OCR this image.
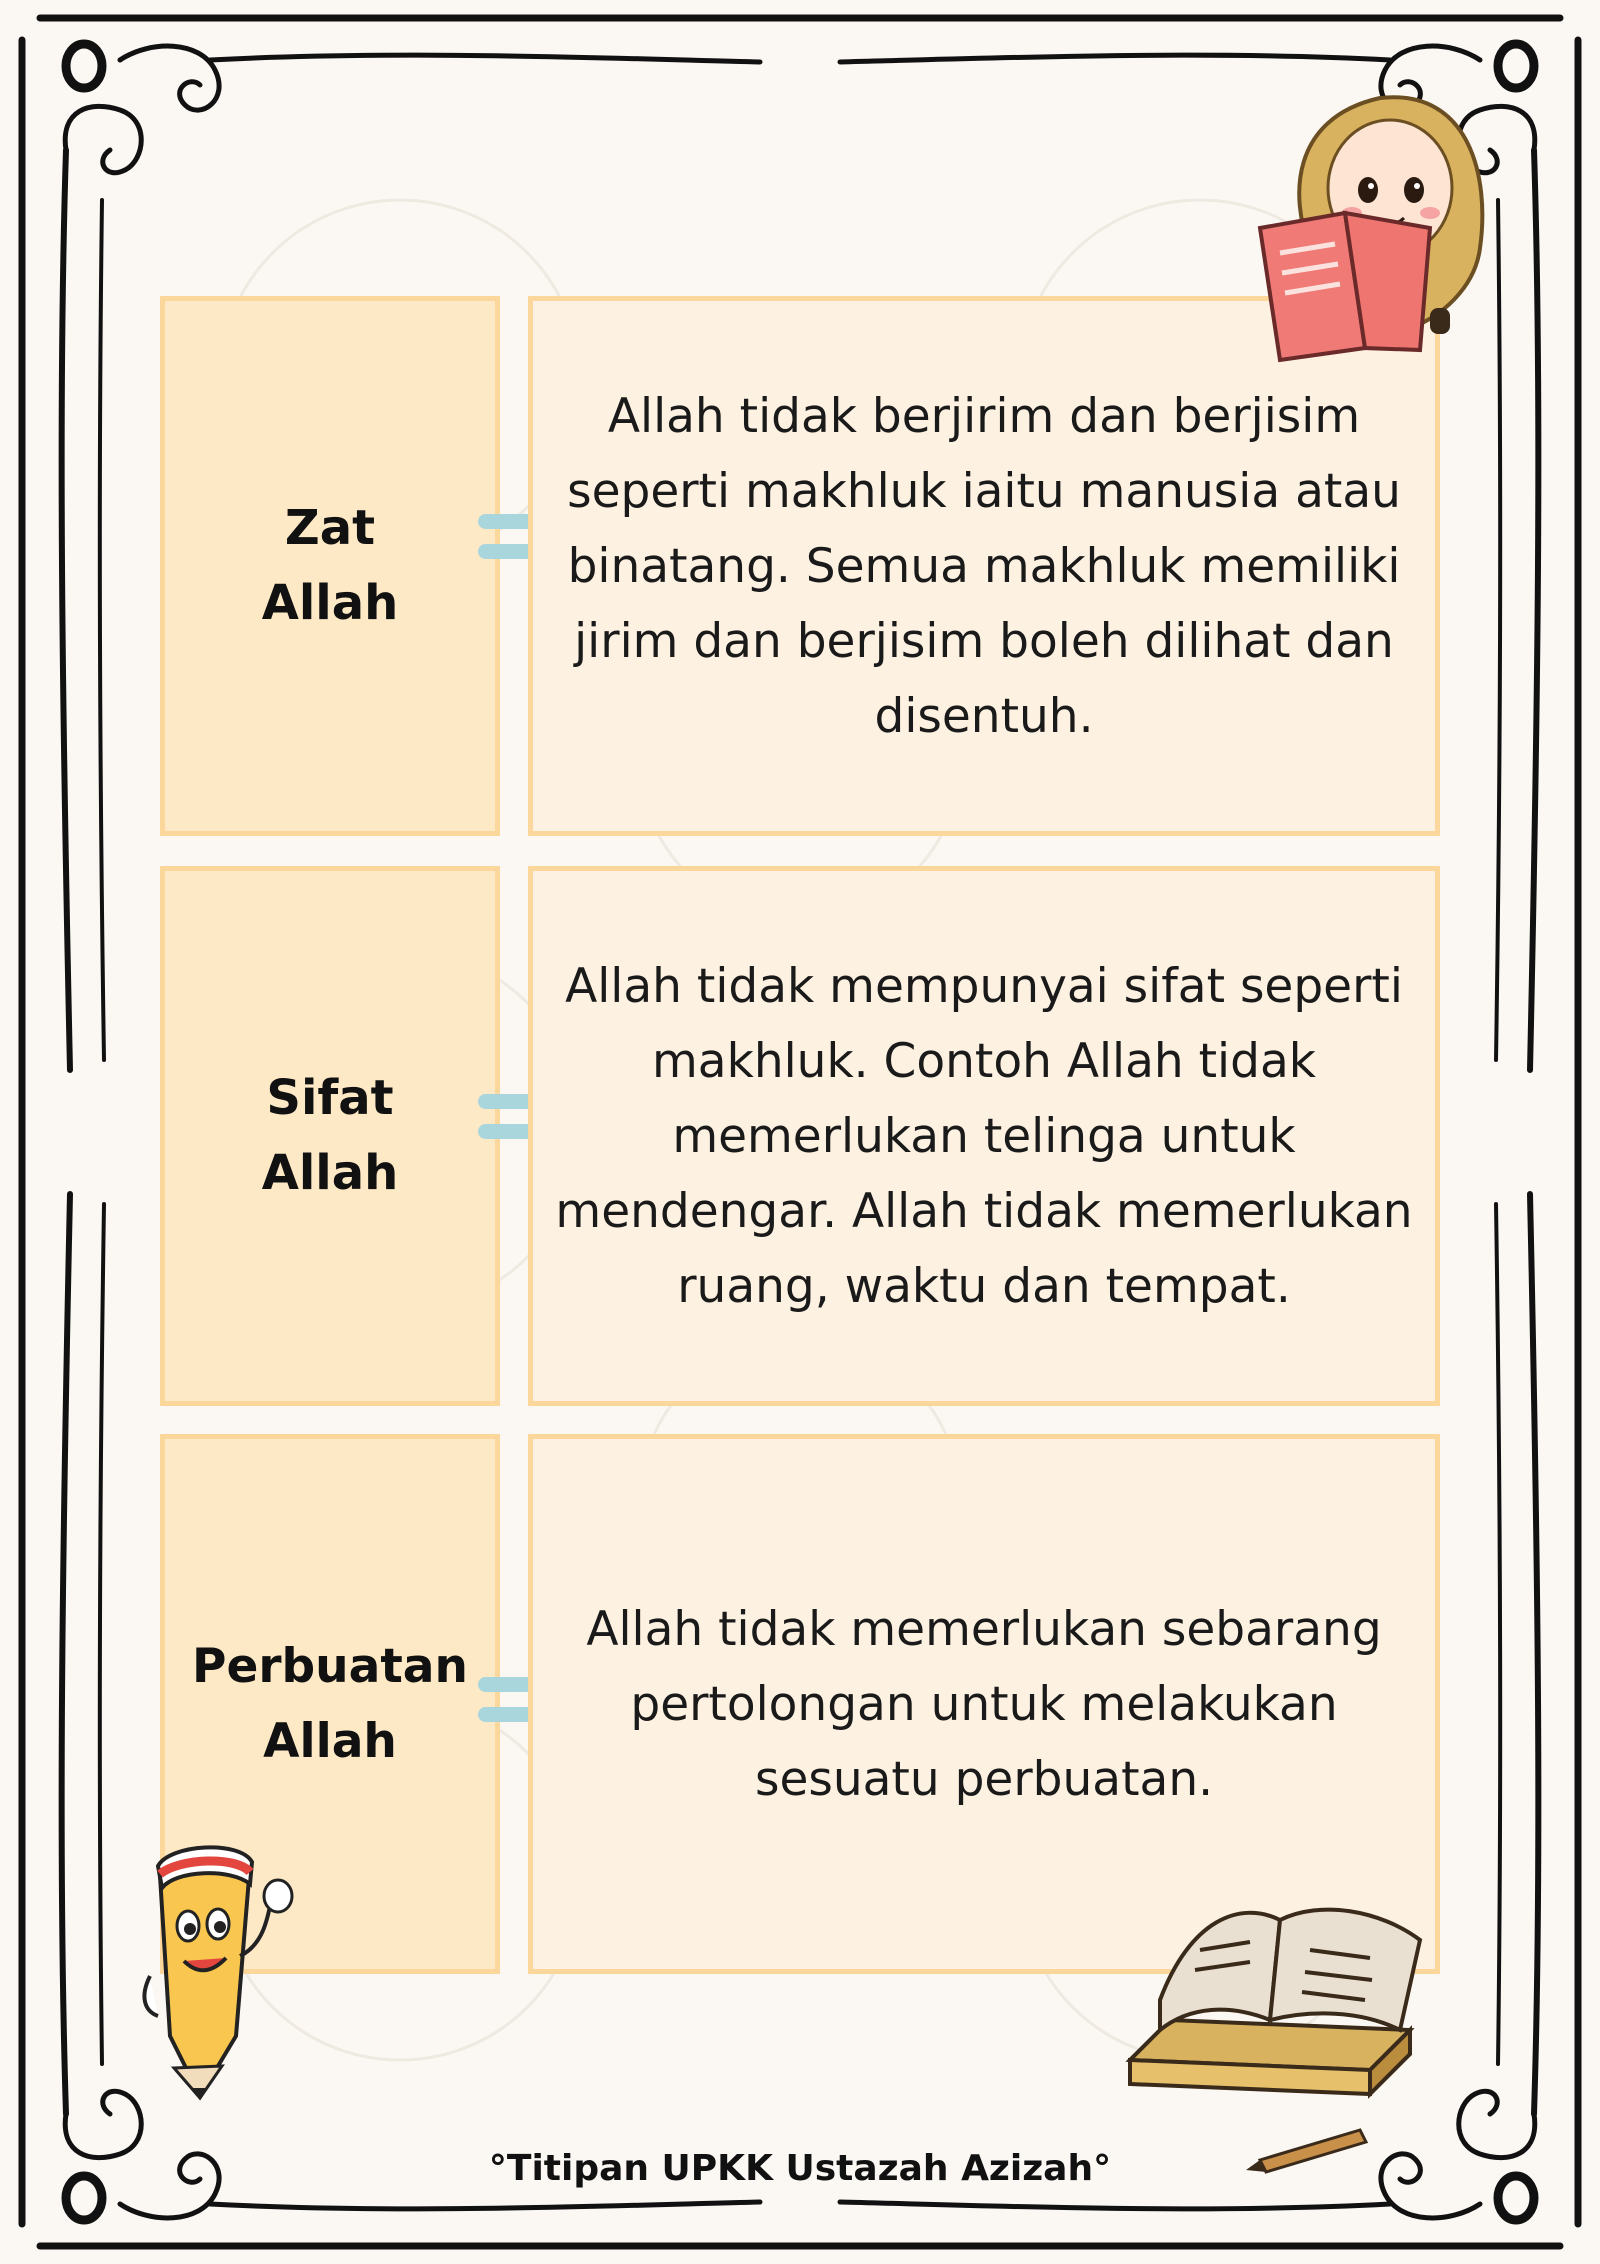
Zat
Allah
Allah tidak berjirim dan berjisim seperti makhluk iaitu manusia atau binatang. Semua makhluk memiliki jirim dan berjisim boleh dilihat dan disentuh.
Sifat
Allah
Allah tidak mempunyai sifat seperti makhluk. Contoh Allah tidak memerlukan telinga untuk mendengar. Allah tidak memerlukan ruang, waktu dan tempat.
Perbuatan
Allah
Allah tidak memerlukan sebarang pertolongan untuk melakukan sesuatu perbuatan.
°Titipan UPKK Ustazah Azizah°
